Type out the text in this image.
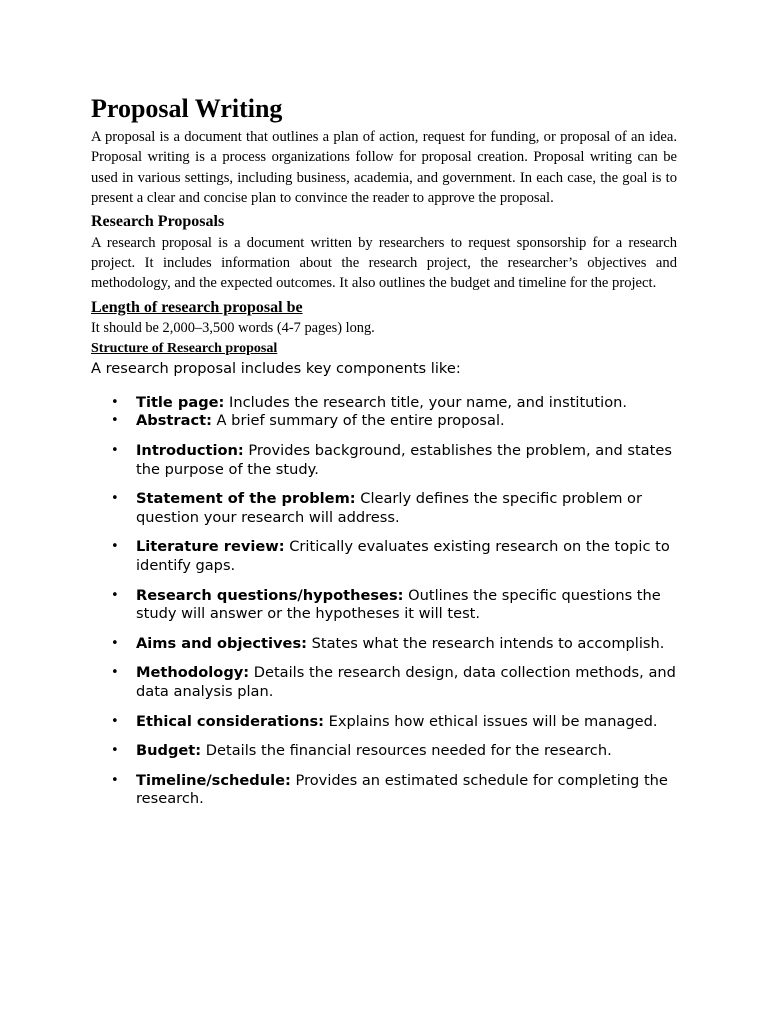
Proposal Writing

A proposal is a document that outlines a plan of action, request for funding, or proposal of an idea. Proposal writing is a process organizations follow for proposal creation. Proposal writing can be used in various settings, including business, academia, and government. In each case, the goal is to present a clear and concise plan to convince the reader to approve the proposal.

Research Proposals

A research proposal is a document written by researchers to request sponsorship for a research project. It includes information about the research project, the researcher’s objectives and methodology, and the expected outcomes. It also outlines the budget and timeline for the project.

Length of research proposal be

It should be 2,000–3,500 words (4-7 pages) long.

Structure of Research proposal

A research proposal includes key components like:

• Title page: Includes the research title, your name, and institution.
• Abstract: A brief summary of the entire proposal.
• Introduction: Provides background, establishes the problem, and states the purpose of the study.
• Statement of the problem: Clearly defines the specific problem or question your research will address.
• Literature review: Critically evaluates existing research on the topic to identify gaps.
• Research questions/hypotheses: Outlines the specific questions the study will answer or the hypotheses it will test.
• Aims and objectives: States what the research intends to accomplish.
• Methodology: Details the research design, data collection methods, and data analysis plan.
• Ethical considerations: Explains how ethical issues will be managed.
• Budget: Details the financial resources needed for the research.
• Timeline/schedule: Provides an estimated schedule for completing the research.
